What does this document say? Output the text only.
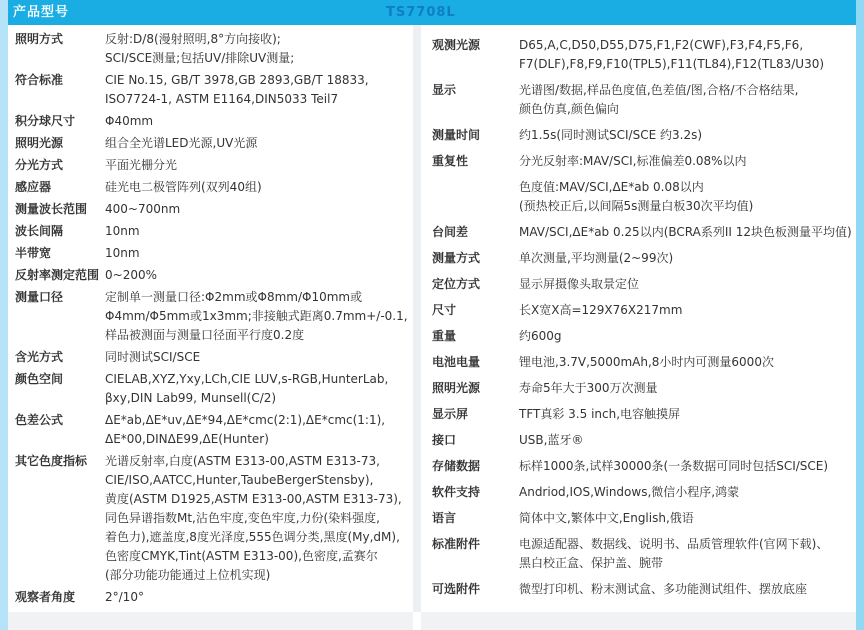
产品型号	TS7708L
照明方式	反射:D/8(漫射照明,8°方向接收);
SCI/SCE测量;包括UV/排除UV测量;
符合标准	CIE No.15, GB/T 3978,GB 2893,GB/T 18833,
ISO7724-1, ASTM E1164,DIN5033 Teil7
积分球尺寸	Φ40mm
照明光源	组合全光谱LED光源,UV光源
分光方式	平面光栅分光
感应器	硅光电二极管阵列(双列40组)
测量波长范围	400~700nm
波长间隔	10nm
半带宽	10nm
反射率测定范围 0~200%
测量口径	定制单一测量口径:Φ2mm或Φ8mm/Φ10mm或
Φ4mm/Φ5mm或1x3mm;非接触式距离0.7mm+/-0.1,
样品被测面与测量口径面平行度0.2度
含光方式	同时测试SCI/SCE
颜色空间	CIELAB,XYZ,Yxy,LCh,CIE LUV,s-RGB,HunterLab,
βxy,DIN Lab99, Munsell(C/2)
色差公式	ΔE*ab,ΔE*uv,ΔE*94,ΔE*cmc(2:1),ΔE*cmc(1:1),
ΔE*00,DINΔE99,ΔE(Hunter)
其它色度指标	光谱反射率,白度(ASTM E313-00,ASTM E313-73,
CIE/ISO,AATCC,Hunter,TaubeBergerStensby),
黄度(ASTM D1925,ASTM E313-00,ASTM E313-73),
同色异谱指数Mt,沾色牢度,变色牢度,力份(染料强度,
着色力),遮盖度,8度光泽度,555色调分类,黑度(My,dM),
色密度CMYK,Tint(ASTM E313-00),色密度,孟赛尔
(部分功能功能通过上位机实现)
观察者角度	2°/10°
观测光源	D65,A,C,D50,D55,D75,F1,F2(CWF),F3,F4,F5,F6,
F7(DLF),F8,F9,F10(TPL5),F11(TL84),F12(TL83/U30)
显示	光谱图/数据,样品色度值,色差值/图,合格/不合格结果,
颜色仿真,颜色偏向
测量时间	约1.5s(同时测试SCI/SCE 约3.2s)
重复性	分光反射率:MAV/SCI,标准偏差0.08%以内
色度值:MAV/SCI,ΔE*ab 0.08以内
(预热校正后,以间隔5s测量白板30次平均值)
台间差	MAV/SCI,ΔE*ab 0.25以内(BCRA系列II 12块色板测量平均值)
测量方式	单次测量,平均测量(2~99次)
定位方式	显示屏摄像头取景定位
尺寸	长X宽X高=129X76X217mm
重量	约600g
电池电量	锂电池,3.7V,5000mAh,8小时内可测量6000次
照明光源	寿命5年大于300万次测量
显示屏	TFT真彩 3.5 inch,电容触摸屏
接口	USB,蓝牙®
存储数据	标样1000条,试样30000条(一条数据可同时包括SCI/SCE)
软件支持	Andriod,IOS,Windows,微信小程序,鸿蒙
语言	简体中文,繁体中文,English,俄语
标准附件	电源适配器、数据线、说明书、品质管理软件(官网下载)、
黑白校正盒、保护盖、腕带
可选附件	微型打印机、粉末测试盒、多功能测试组件、摆放底座
